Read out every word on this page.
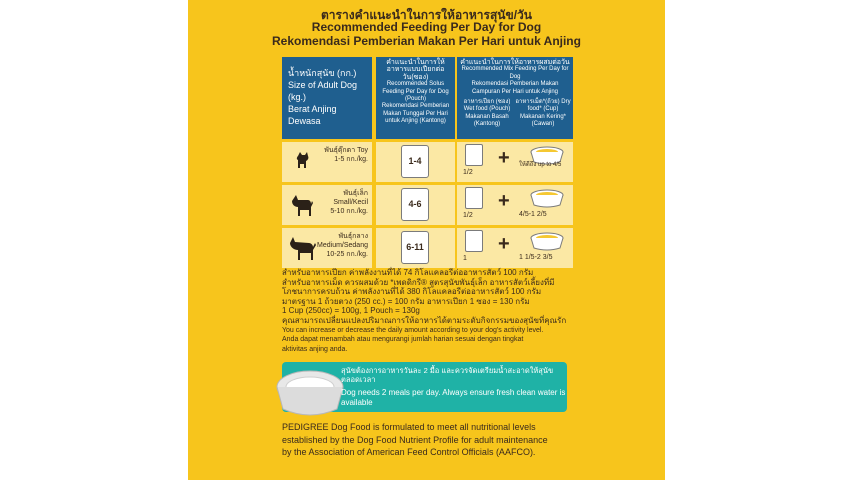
ตารางคำแนะนำในการให้อาหารสุนัข/วัน
Recommended Feeding Per Day for Dog
Rekomendasi Pemberian Makan Per Hari untuk Anjing
น้ำหนักสุนัข (กก.)
Size of Adult Dog (kg.)
Berat Anjing Dewasa
คำแนะนำในการให้อาหารแบบเปียกต่อวัน(ซอง)
Recommended Solus Feeding Per Day for Dog (Pouch)
Rekomendasi Pemberian Makan Tunggal Per Hari untuk Anjing (Kantong)
คำแนะนำในการให้อาหารผสมต่อวัน
Recommended Mix Feeding Per Day for Dog
Rekomendasi Pemberian Makan Campuran Per Hari untuk Anjing
อาหารเปียก (ซอง) Wet food (Pouch) Makanan Basah (Kantong)
อาหารเม็ด*(ถ้วย) Dry food* (Cup) Makanan Kering*(Cawan)
พันธุ์ตุ๊กตา Toy
1-5 กก./kg.	1-4
1/2
+ ให้ดีถึง up to 4/5
พันธุ์เล็ก
Small/Kecil
5-10 กก./kg.
4-6
1/2
+
4/5-1 2/5
พันธุ์กลาง
Medium/Sedang
10-25 กก./kg.
6-11
1
+
1 1/5-2 3/5

สำหรับอาหารเปียก ค่าพลังงานที่ได้ 74 กิโลแคลอรีต่ออาหารสัตว์ 100 กรัม

สำหรับอาหารเม็ด ควรผสมด้วย *เพดดิกรี® สูตรสุนัขพันธุ์เล็ก อาหารสัตว์เลี้ยงที่มี

โภชนาการครบถ้วน ค่าพลังงานที่ได้ 380 กิโลแคลอรีต่ออาหารสัตว์ 100 กรัม

มาตรฐาน 1 ถ้วยตวง (250 cc.) = 100 กรัม อาหารเปียก 1 ซอง = 130 กรัม

1 Cup (250cc) = 100g, 1 Pouch = 130g

คุณสามารถเปลี่ยนแปลงปริมาณการให้อาหารได้ตามระดับกิจกรรมของสุนัขที่คุณรัก

You can increase or decrease the daily amount according to your dog's activity level.

Anda dapat menambah atau mengurangi jumlah harian sesuai dengan tingkat

aktivitas anjing anda.

สุนัขต้องการอาหารวันละ 2 มื้อ และควรจัดเตรียมน้ำสะอาดให้สุนัขตลอดเวลา
Dog needs 2 meals per day. Always ensure fresh clean water is available

PEDIGREE Dog Food is formulated to meet all nutritional levels

established by the Dog Food Nutrient Profile for adult maintenance

by the Association of American Feed Control Officials (AAFCO).
